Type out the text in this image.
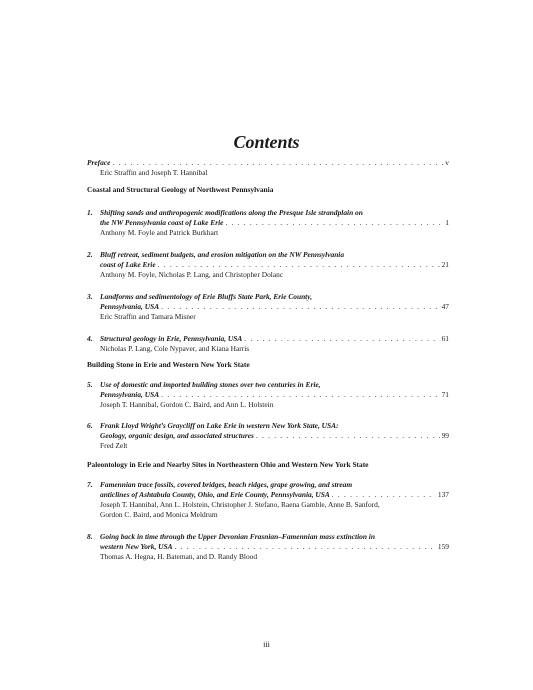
Contents
Preface . . .	v
Eric Straffin and Joseph T. Hannibal
Coastal and Structural Geology of Northwest Pennsylvania
1. Shifting sands and anthropogenic modifications along the Presque Isle strandplain on
the NW Pennsylvania coast of Lake Erie . . .	1
Anthony M. Foyle and Patrick Burkhart
2. Bluff retreat, sediment budgets, and erosion mitigation on the NW Pennsylvania
coast of Lake Erie . . .	21
Anthony M. Foyle, Nicholas P. Lang, and Christopher Dolanc
3. Landforms and sedimentology of Erie Bluffs State Park, Erie County,
Pennsylvania, USA . . .	47
Eric Straffin and Tamara Misner
4.	Structural geology in Erie, Pennsylvania, USA . . .	61
Nicholas P. Lang, Cole Nypaver, and Kiana Harris
Building Stone in Erie and Western New York State
5. Use of domestic and imported building stones over two centuries in Erie,
Pennsylvania, USA . . .	71
Joseph T. Hannibal, Gordon C. Baird, and Ann L. Holstein
6. Frank Lloyd Wright’s Graycliff on Lake Erie in western New York State, USA:
Geology, organic design, and associated structures . . .	99
Fred Zelt
Paleontology in Erie and Nearby Sites in Northeastern Ohio and Western New York State
7. Famennian trace fossils, covered bridges, beach ridges, grape growing, and stream
anticlines of Ashtabula County, Ohio, and Erie County, Pennsylvania, USA . . .	137
Joseph T. Hannibal, Ann L. Holstein, Christopher J. Stefano, Raena Gamble, Anne B. Sanford,
Gordon C. Baird, and Monica Meldrum
8. Going back in time through the Upper Devonian Frasnian–Famennian mass extinction in
western New York, USA . . .	159
Thomas A. Hegna, H. Bateman, and D. Randy Blood
iii
